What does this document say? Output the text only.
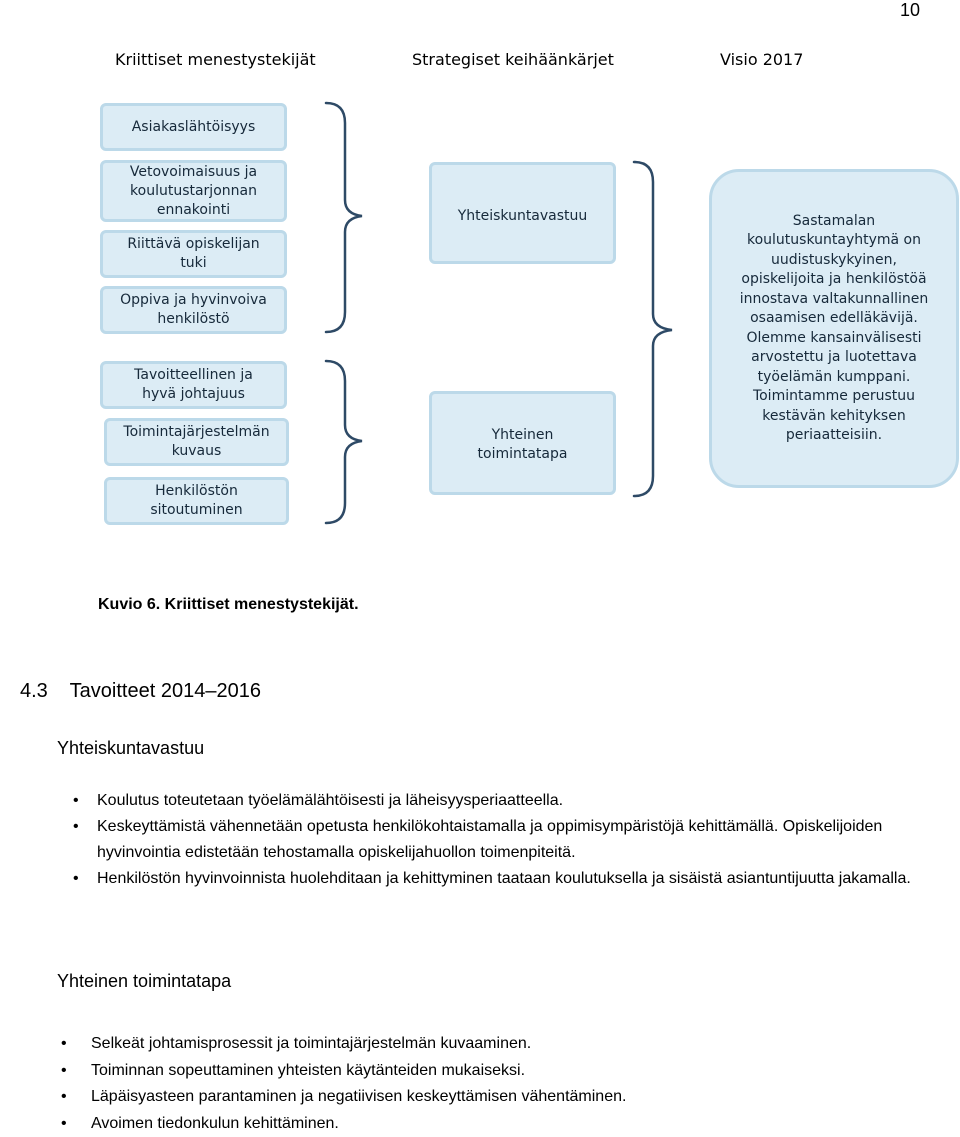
10
Kriittiset menestystekijät	Strategiset keihäänkärjet	Visio 2017
Asiakaslähtöisyys
Vetovoimaisuus ja
koulutustarjonnan
ennakointi
Riittävä opiskelijan
tuki
Oppiva ja hyvinvoiva
henkilöstö
Tavoitteellinen ja
hyvä johtajuus
Toimintajärjestelmän
kuvaus
Henkilöstön
sitoutuminen
Yhteiskuntavastuu
Yhteinen
toimintatapa
Sastamalan
koulutuskuntayhtymä on
uudistuskykyinen,
opiskelijoita ja henkilöstöä
innostava valtakunnallinen
osaamisen edelläkävijä.
Olemme kansainvälisesti
arvostettu ja luotettava
työelämän kumppani.
Toimintamme perustuu
kestävän kehityksen
periaatteisiin.
Kuvio 6. Kriittiset menestystekijät.
4.3    Tavoitteet 2014–2016
Yhteiskuntavastuu
• Koulutus toteutetaan työelämälähtöisesti ja läheisyysperiaatteella.
• Keskeyttämistä vähennetään opetusta henkilökohtaistamalla ja oppimisympäristöjä kehittämällä. Opiskelijoiden hyvinvointia edistetään tehostamalla opiskelijahuollon toimenpiteitä.
• Henkilöstön hyvinvoinnista huolehditaan ja kehittyminen taataan koulutuksella ja sisäistä asiantuntijuutta jakamalla.
Yhteinen toimintatapa
• Selkeät johtamisprosessit ja toimintajärjestelmän kuvaaminen.
• Toiminnan sopeuttaminen yhteisten käytänteiden mukaiseksi.
• Läpäisyasteen parantaminen ja negatiivisen keskeyttämisen vähentäminen.
• Avoimen tiedonkulun kehittäminen.
